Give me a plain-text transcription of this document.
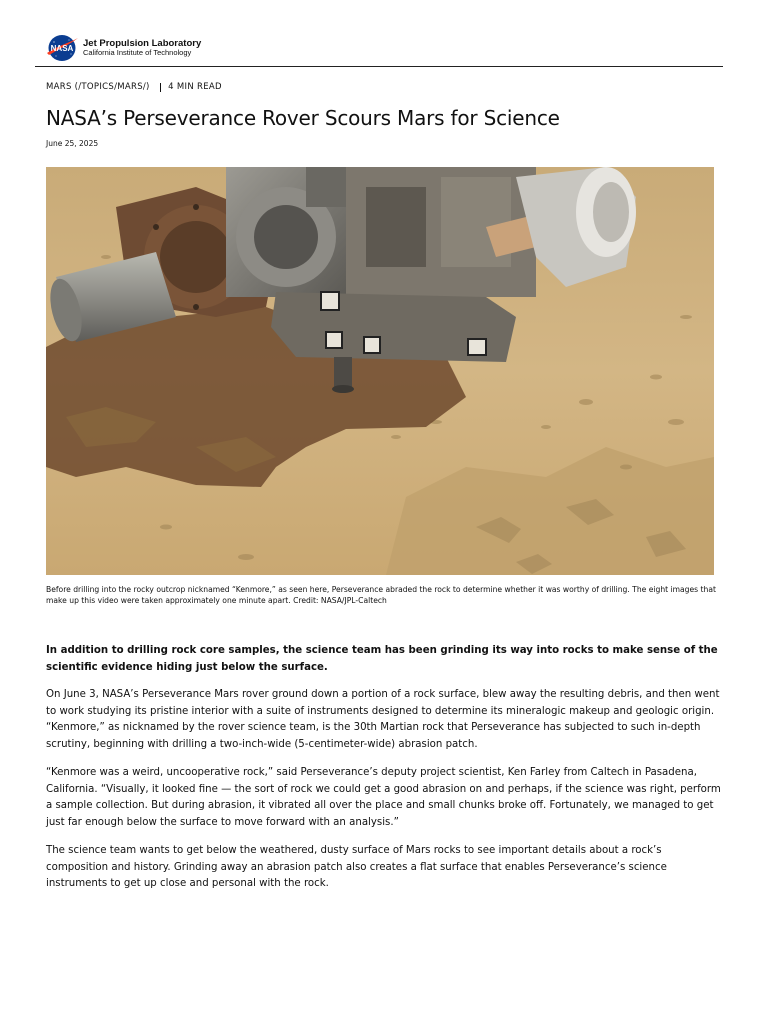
NASA Jet Propulsion Laboratory
California Institute of Technology
MARS (/TOPICS/MARS/) 4 MIN READ
NASA’s Perseverance Rover Scours Mars for Science
June 25, 2025
Before drilling into the rocky outcrop nicknamed “Kenmore,” as seen here, Perseverance abraded the rock to determine whether it was worthy of drilling. The eight images that make up this video were taken approximately one minute apart. Credit: NASA/JPL-Caltech

In addition to drilling rock core samples, the science team has been grinding its way into rocks to make sense of the scientific evidence hiding just below the surface.

On June 3, NASA’s Perseverance Mars rover ground down a portion of a rock surface, blew away the resulting debris, and then went to work studying its pristine interior with a suite of instruments designed to determine its mineralogic makeup and geologic origin. “Kenmore,” as nicknamed by the rover science team, is the 30th Martian rock that Perseverance has subjected to such in-depth scrutiny, beginning with drilling a two-inch-wide (5-centimeter-wide) abrasion patch.

“Kenmore was a weird, uncooperative rock,” said Perseverance’s deputy project scientist, Ken Farley from Caltech in Pasadena, California. “Visually, it looked fine — the sort of rock we could get a good abrasion on and perhaps, if the science was right, perform a sample collection. But during abrasion, it vibrated all over the place and small chunks broke off. Fortunately, we managed to get just far enough below the surface to move forward with an analysis.”

The science team wants to get below the weathered, dusty surface of Mars rocks to see important details about a rock’s composition and history. Grinding away an abrasion patch also creates a flat surface that enables Perseverance’s science instruments to get up close and personal with the rock.
